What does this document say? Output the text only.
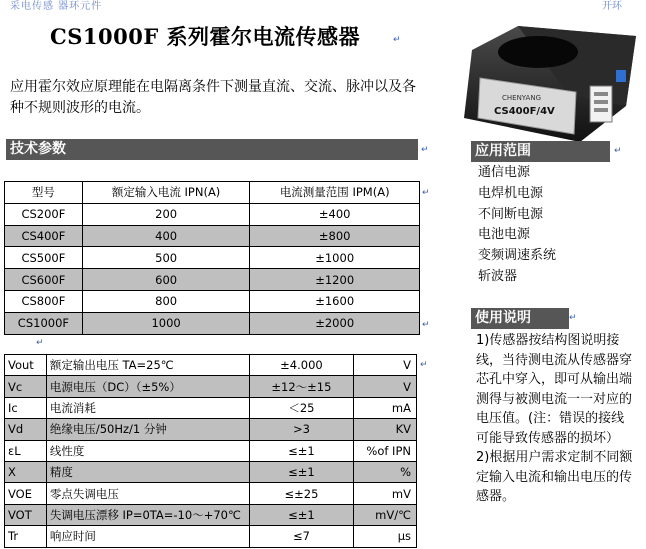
采电传感 器环元件	开环
CS1000F 系列霍尔电流传感器	↵
应用霍尔效应原理能在电隔离条件下测量直流、交流、脉冲以及各种不规则波形的电流。
CHENYANG
CS400F/4V
技术参数	↵	应用范围	↵
使用说明	↵
型号	额定输入电流 IPN(A)	电流测量范围 IPM(A)
CS200F	200	±400
CS400F	400	±800
CS500F	500	±1000
CS600F	600	±1200
CS800F	800	±1600
CS1000F	1000	±2000
↵
↵
↵
Vout	额定输出电压 TA=25℃	±4.000	V
Vc	电源电压（DC）（±5%）	±12～±15	V
Ic	电流消耗	＜25	mA
Vd	绝缘电压/50Hz/1 分钟	>3	KV
εL	线性度	≤±1	%of IPN
X	精度	≤±1	%
VOE	零点失调电压	≤±25	mV
VOT	失调电压漂移 IP=0TA=-10～+70℃	≤±1	mV/℃
Tr	响应时间	≤7	μs
↵
通信电源
电焊机电源
不间断电源
电池电源
变频调速系统
斩波器

1)传感器按结构图说明接线，当待测电流从传感器穿芯孔中穿入，即可从输出端测得与被测电流一一对应的电压值。(注：错误的接线可能导致传感器的损坏）

2)根据用户需求定制不同额定输入电流和输出电压的传感器。
